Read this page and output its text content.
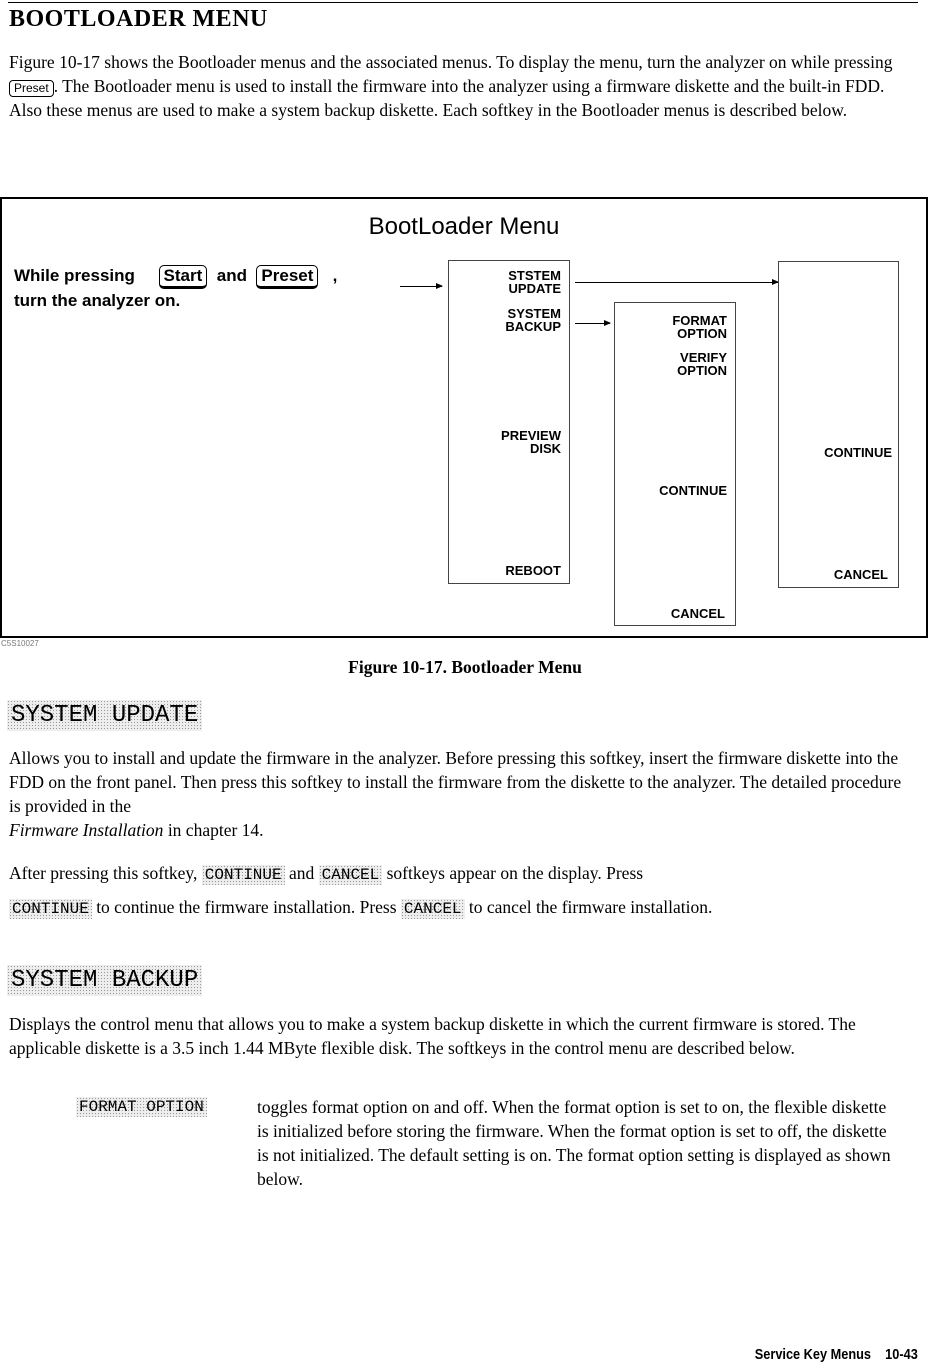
BOOTLOADER MENU
Figure 10-17 shows the Bootloader menus and the associated menus. To display the menu, turn the analyzer on while pressing Preset . The Bootloader menu is used to install the firmware into the analyzer using a firmware diskette and the built-in FDD. Also these menus are used to make a system backup diskette. Each softkey in the Bootloader menus is described below.
BootLoader Menu
While pressing Start and Preset ,
turn the analyzer on.
STSTEM
UPDATE
SYSTEM
BACKUP
PREVIEW
DISK
REBOOT
FORMAT
OPTION
VERIFY
OPTION
CONTINUE
CANCEL
CONTINUE
CANCEL
C5S10027
Figure 10-17. Bootloader Menu
SYSTEM UPDATE
Allows you to install and update the firmware in the analyzer. Before pressing this softkey, insert the firmware diskette into the FDD on the front panel. Then press this softkey to install the firmware from the diskette to the analyzer. The detailed procedure is provided in the
Firmware Installation in chapter 14.
After pressing this softkey, CONTINUE and CANCEL softkeys appear on the display. Press
CONTINUE to continue the firmware installation. Press CANCEL to cancel the firmware installation.
SYSTEM BACKUP
Displays the control menu that allows you to make a system backup diskette in which the current firmware is stored. The applicable diskette is a 3.5 inch 1.44 MByte flexible disk. The softkeys in the control menu are described below.
FORMAT OPTION	toggles format option on and off. When the format option is set to on, the flexible diskette is initialized before storing the firmware. When the format option is set to off, the diskette is not initialized. The default setting is on. The format option setting is displayed as shown below.
Service Key Menus 10-43
